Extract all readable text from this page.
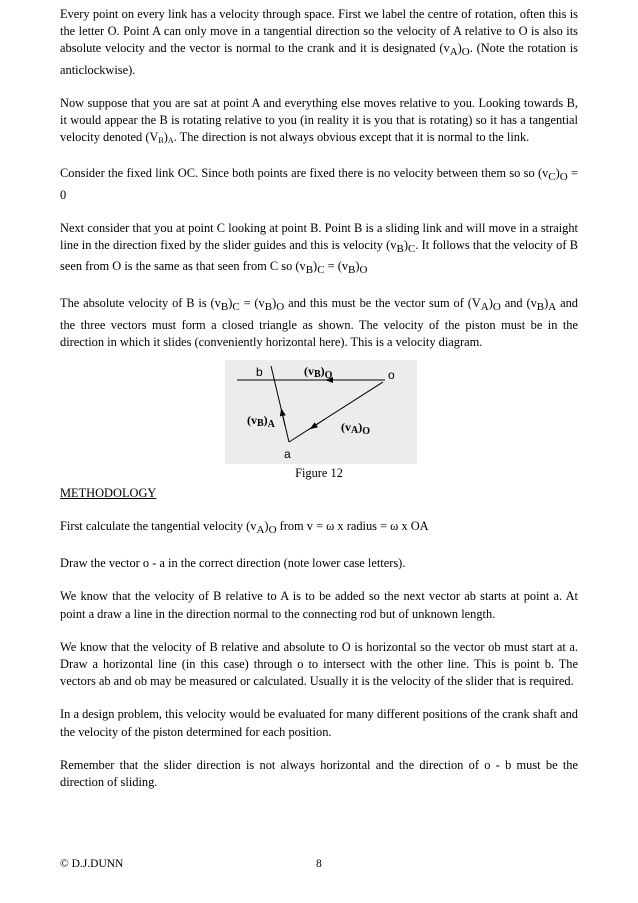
Every point on every link has a velocity through space. First we label the centre of rotation, often this is the letter O. Point A can only move in a tangential direction so the velocity of A relative to O is also its absolute velocity and the vector is normal to the crank and it is designated (vA)O. (Note the rotation is anticlockwise).

Now suppose that you are sat at point A and everything else moves relative to you. Looking towards B, it would appear the B is rotating relative to you (in reality it is you that is rotating) so it has a tangential velocity denoted (VB)A. The direction is not always obvious except that it is normal to the link.

Consider the fixed link OC. Since both points are fixed there is no velocity between them so so (vC)O = 0

Next consider that you at point C looking at point B. Point B is a sliding link and will move in a straight line in the direction fixed by the slider guides and this is velocity (vB)C. It follows that the velocity of B seen from O is the same as that seen from C so (vB)C = (vB)O

The absolute velocity of B is (vB)C = (vB)O and this must be the vector sum of (VA)O and (vB)A and the three vectors must form a closed triangle as shown. The velocity of the piston must be in the direction in which it slides (conveniently horizontal here). This is a velocity diagram.

b	o
a
$(vB)_O$
$(vB)_A$	$(vA)_O$
Figure 12
METHODOLOGY

First calculate the tangential velocity (vA)O from v = ω x radius = ω x OA

Draw the vector o - a in the correct direction (note lower case letters).

We know that the velocity of B relative to A is to be added so the next vector ab starts at point a. At point a draw a line in the direction normal to the connecting rod but of unknown length.

We know that the velocity of B relative and absolute to O is horizontal so the vector ob must start at a. Draw a horizontal line (in this case) through o to intersect with the other line. This is point b. The vectors ab and ob may be measured or calculated. Usually it is the velocity of the slider that is required.

In a design problem, this velocity would be evaluated for many different positions of the crank shaft and the velocity of the piston determined for each position.

Remember that the slider direction is not always horizontal and the direction of o - b must be the direction of sliding.

© D.J.DUNN	8
